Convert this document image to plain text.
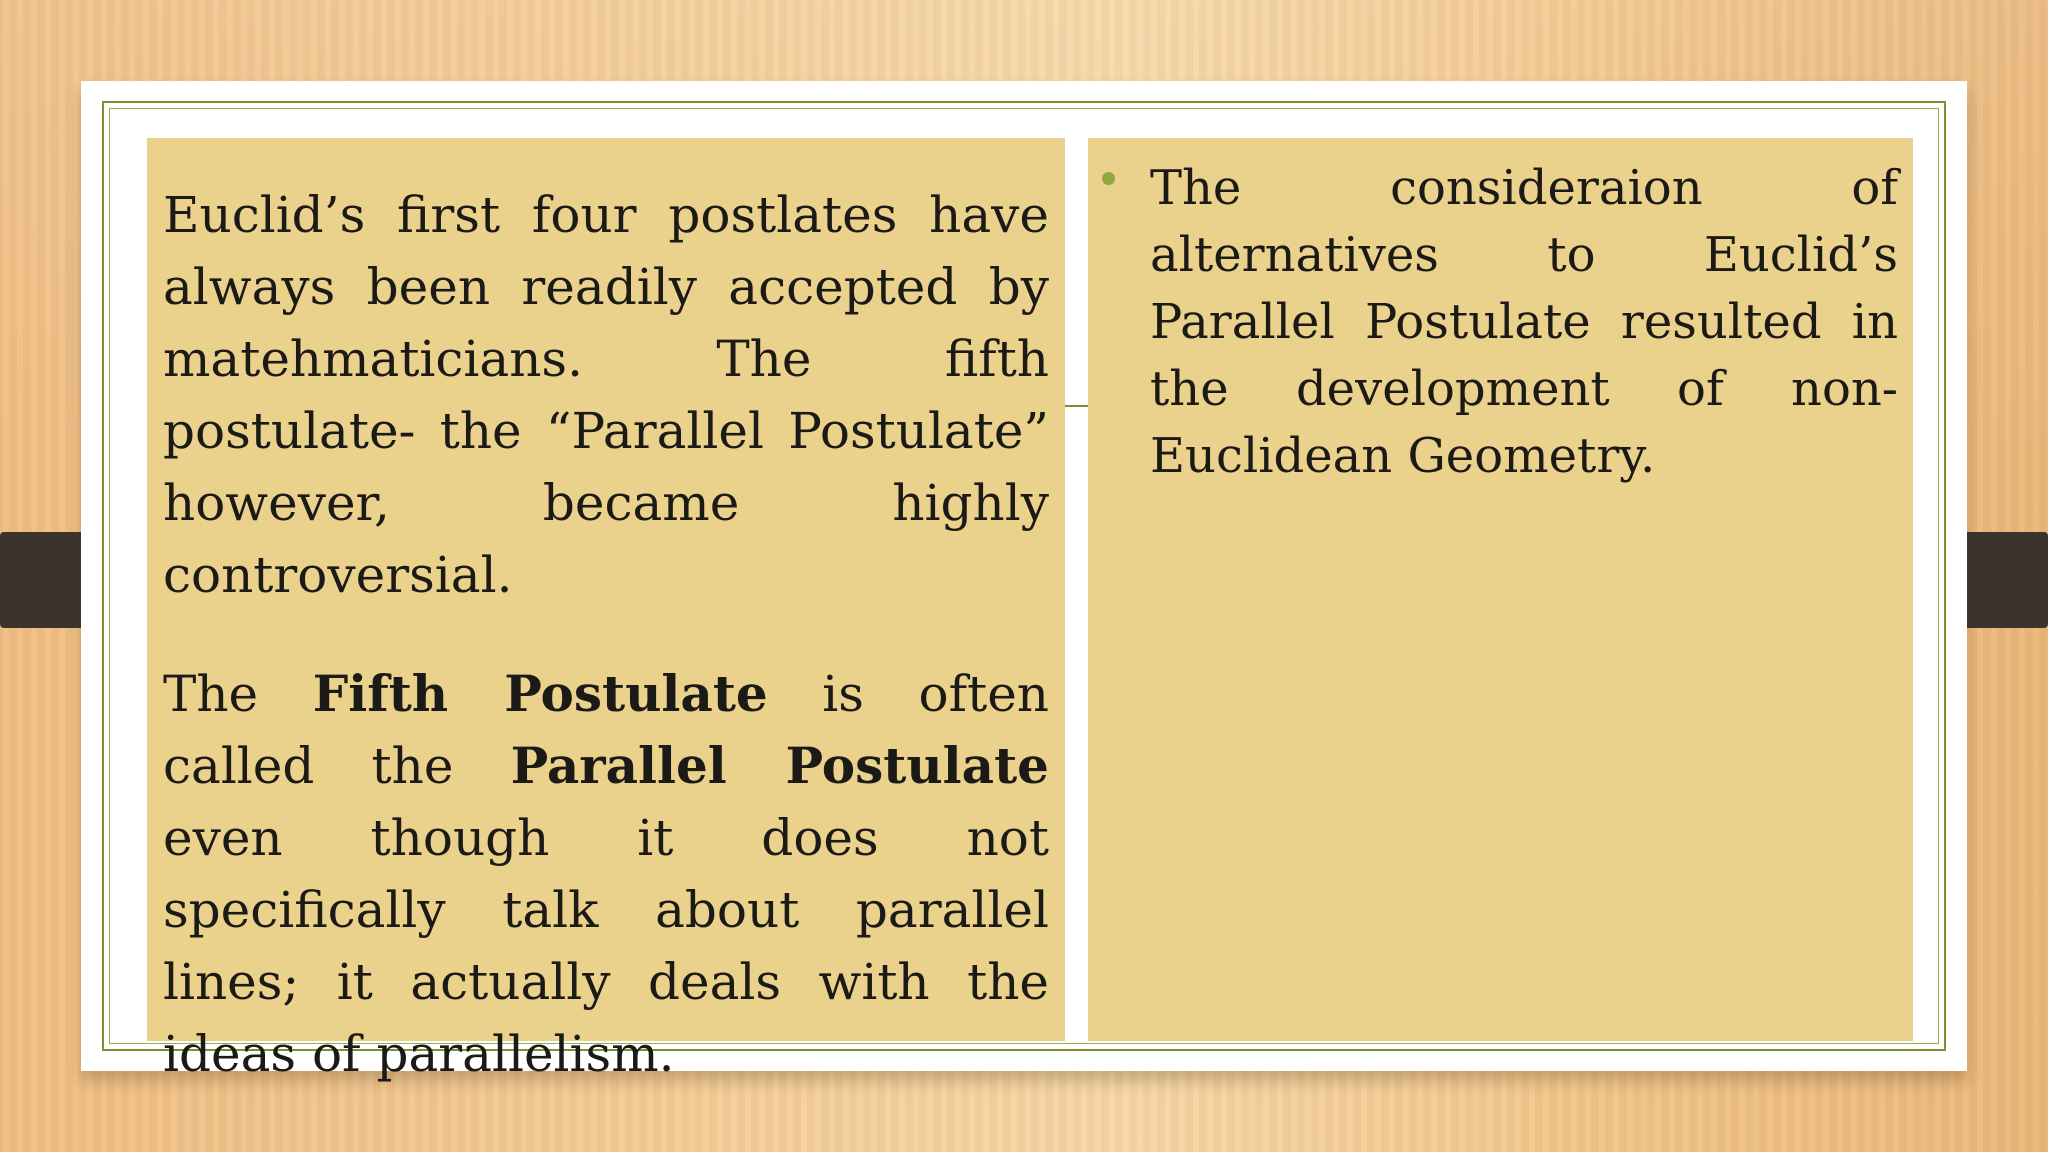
Euclid’s first four postlates have always been readily accepted by matehmaticians. The fifth postulate- the “Parallel Postulate” however, became highly controversial.

The Fifth Postulate is often called the Parallel Postulate even though it does not specifically talk about parallel lines; it actually deals with the ideas of parallelism.

The consideraion of alternatives to Euclid’s Parallel Postulate resulted in the development of non-Euclidean Geometry.
